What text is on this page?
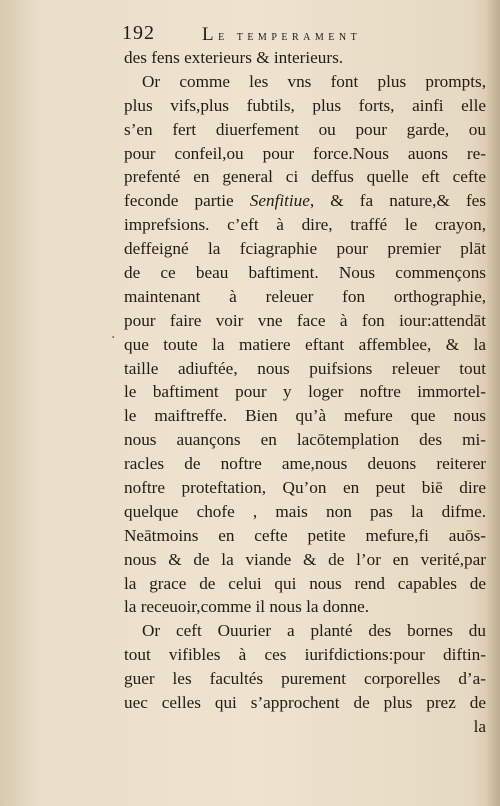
192 Le temperament
·
des fens exterieurs & interieurs.
Or comme les vns font plus prompts,
plus vifs,plus fubtils, plus forts, ainfi elle
s’en fert diuerfement ou pour garde, ou
pour confeil,ou pour force.Nous auons re-
prefenté en general ci deffus quelle eft cefte
feconde partie Senfitiue, & fa nature,& fes
imprefsions. c’eft à dire, traffé le crayon,
deffeigné la fciagraphie pour premier plāt
de ce beau baftiment. Nous commençons
maintenant à releuer fon orthographie,
pour faire voir vne face à fon iour:attendāt
que toute la matiere eftant affemblee, & la
taille adiuftée, nous puifsions releuer tout
le baftiment pour y loger noftre immortel-
le maiftreffe. Bien qu’à mefure que nous
nous auançons en lacōtemplation des mi-
racles de noftre ame,nous deuons reiterer
noftre proteftation, Qu’on en peut biē dire
quelque chofe , mais non pas la difme.
Neātmoins en cefte petite mefure,fi auōs-
nous & de la viande & de l’or en verité,par
la grace de celui qui nous rend capables de
la receuoir,comme il nous la donne.
Or ceft Ouurier a planté des bornes du
tout vifibles à ces iurifdictions:pour diftin-
guer les facultés purement corporelles d’a-
uec celles qui s’approchent de plus prez de
la
